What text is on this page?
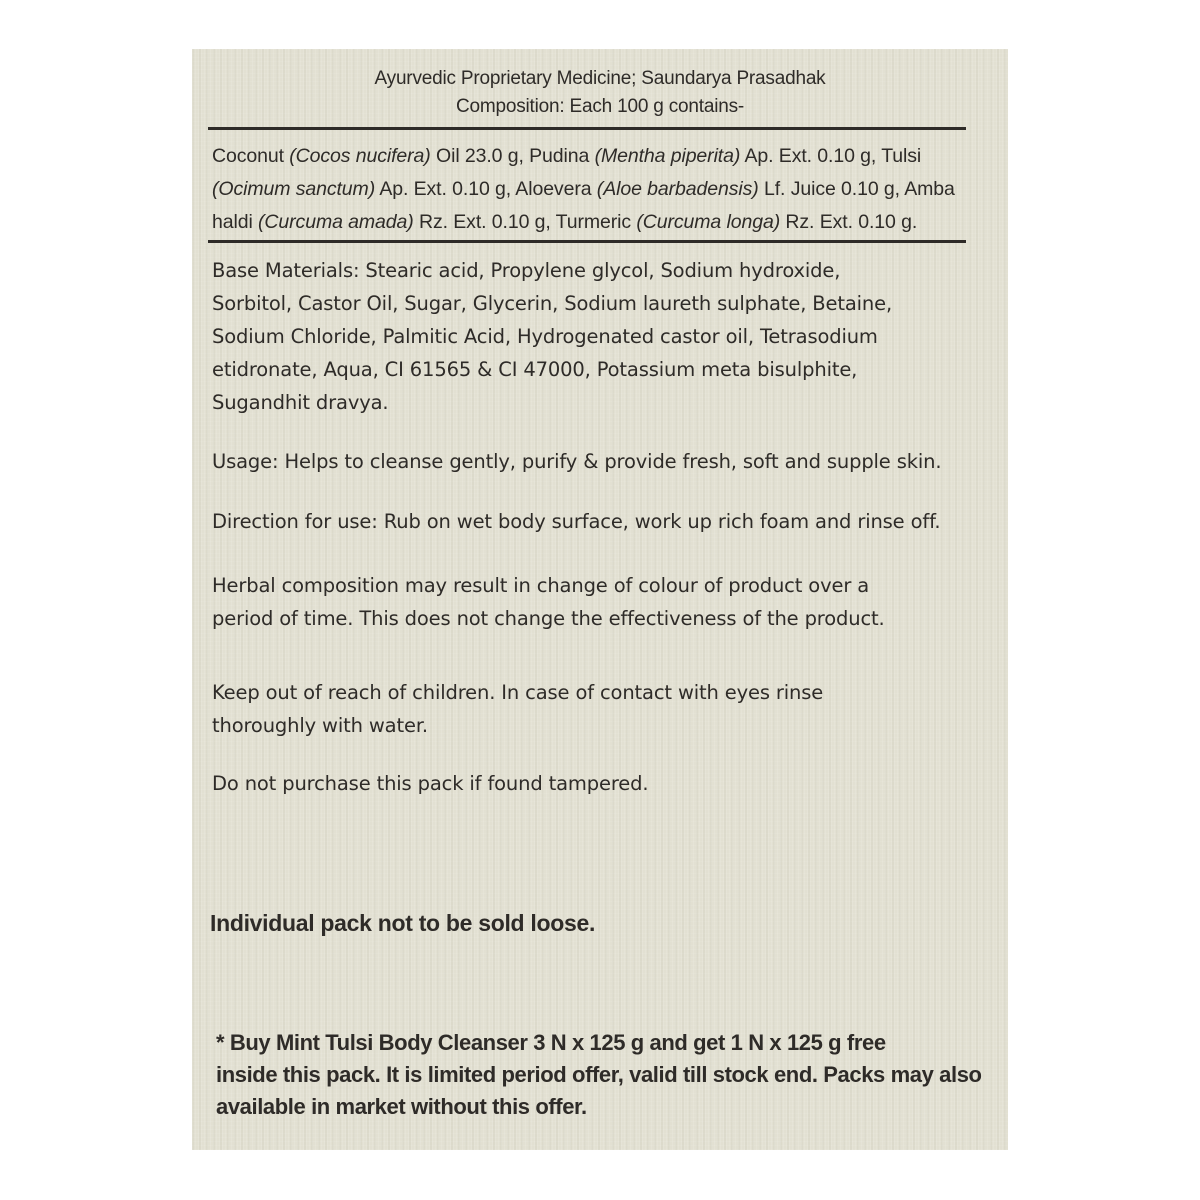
Ayurvedic Proprietary Medicine; Saundarya Prasadhak
Composition: Each 100 g contains-
Coconut (Cocos nucifera) Oil 23.0 g, Pudina (Mentha piperita) Ap. Ext. 0.10 g, Tulsi (Ocimum sanctum) Ap. Ext. 0.10 g, Aloevera (Aloe barbadensis) Lf. Juice 0.10 g, Amba haldi (Curcuma amada) Rz. Ext. 0.10 g, Turmeric (Curcuma longa) Rz. Ext. 0.10 g.
Base Materials: Stearic acid, Propylene glycol, Sodium hydroxide,
Sorbitol, Castor Oil, Sugar, Glycerin, Sodium laureth sulphate, Betaine,
Sodium Chloride, Palmitic Acid, Hydrogenated castor oil, Tetrasodium
etidronate, Aqua, CI 61565 & CI 47000, Potassium meta bisulphite,
Sugandhit dravya.
Usage: Helps to cleanse gently, purify & provide fresh, soft and supple skin.
Direction for use: Rub on wet body surface, work up rich foam and rinse off.
Herbal composition may result in change of colour of product over a
period of time. This does not change the effectiveness of the product.
Keep out of reach of children. In case of contact with eyes rinse
thoroughly with water.
Do not purchase this pack if found tampered.
Individual pack not to be sold loose.
* Buy Mint Tulsi Body Cleanser 3 N x 125 g and get 1 N x 125 g free
inside this pack. It is limited period offer, valid till stock end. Packs may also
available in market without this offer.
